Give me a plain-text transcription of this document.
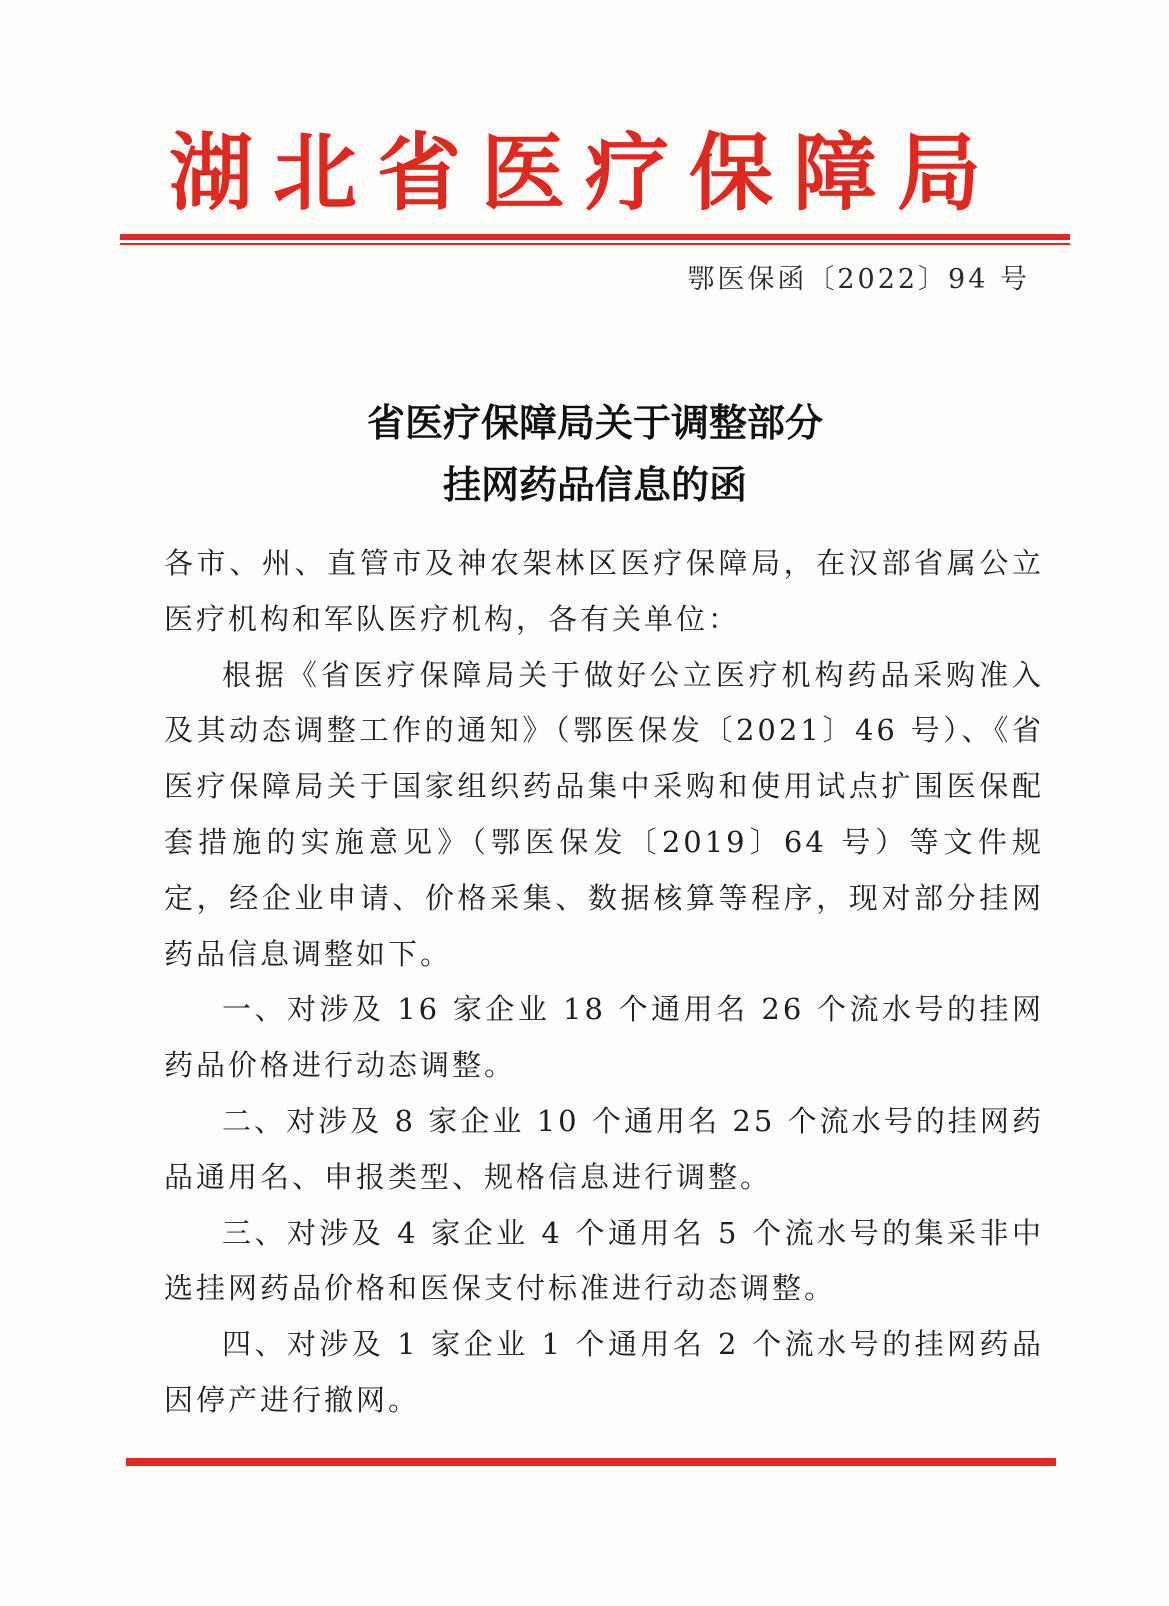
湖北省医疗保障局
鄂医保函〔2022〕94 号
省医疗保障局关于调整部分
挂网药品信息的函

各市、州、直管市及神农架林区医疗保障局，在汉部省属公立医疗机构和军队医疗机构，各有关单位：

根据《省医疗保障局关于做好公立医疗机构药品采购准入及其动态调整工作的通知》（鄂医保发〔2021〕46 号）、《省医疗保障局关于国家组织药品集中采购和使用试点扩围医保配套措施的实施意见》（鄂医保发〔2019〕64 号）等文件规定，经企业申请、价格采集、数据核算等程序，现对部分挂网药品信息调整如下。

一、对涉及 16 家企业 18 个通用名 26 个流水号的挂网药品价格进行动态调整。

二、对涉及 8 家企业 10 个通用名 25 个流水号的挂网药品通用名、申报类型、规格信息进行调整。

三、对涉及 4 家企业 4 个通用名 5 个流水号的集采非中选挂网药品价格和医保支付标准进行动态调整。

四、对涉及 1 家企业 1 个通用名 2 个流水号的挂网药品因停产进行撤网。
